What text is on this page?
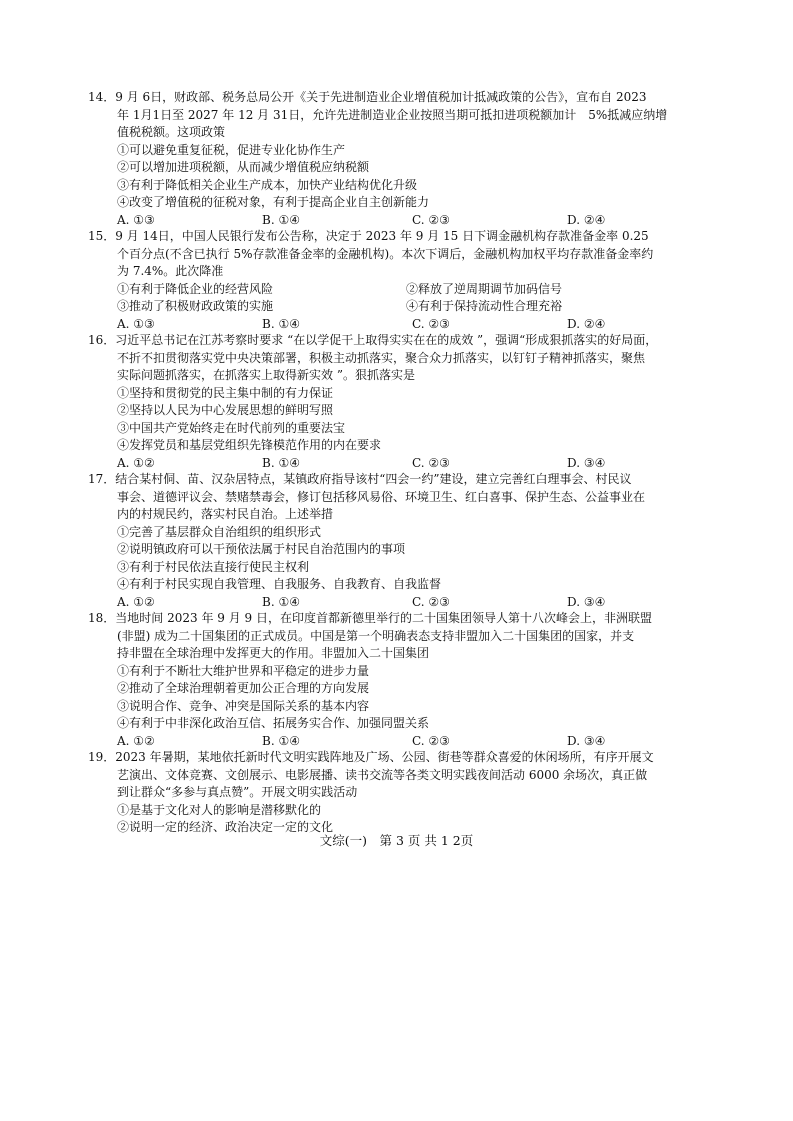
14．9 月 6日，财政部、税务总局公开《关于先进制造业企业增值税加计抵减政策的公告》，宣布自 2023
年 1月1日至 2027 年 12 月 31日，允许先进制造业企业按照当期可抵扣进项税额加计　5%抵减应纳增
值税税额。这项政策
①可以避免重复征税，促进专业化协作生产
②可以增加进项税额，从而减少增值税应纳税额
③有利于降低相关企业生产成本，加快产业结构优化升级
④改变了增值税的征税对象，有利于提高企业自主创新能力
A. ①③	B. ①④	C. ②③	D. ②④
15．9 月 14日，中国人民银行发布公告称，决定于 2023 年 9 月 15 日下调金融机构存款准备金率 0.25
个百分点(不含已执行 5%存款准备金率的金融机构)。本次下调后，金融机构加权平均存款准备金率约
为 7.4%。此次降准
①有利于降低企业的经营风险	②释放了逆周期调节加码信号
③推动了积极财政政策的实施	④有利于保持流动性合理充裕
A. ①③	B. ①④	C. ②③	D. ②④
16．习近平总书记在江苏考察时要求 “在以学促干上取得实实在在的成效 ”，强调“形成狠抓落实的好局面，
不折不扣贯彻落实党中央决策部署，积极主动抓落实，聚合众力抓落实，以钉钉子精神抓落实，聚焦
实际问题抓落实，在抓落实上取得新实效 ”。狠抓落实是
①坚持和贯彻党的民主集中制的有力保证
②坚持以人民为中心发展思想的鲜明写照
③中国共产党始终走在时代前列的重要法宝
④发挥党员和基层党组织先锋模范作用的内在要求
A. ①②	B. ①④	C. ②③	D. ③④
17．结合某村侗、苗、汉杂居特点，某镇政府指导该村“四会一约”建设，建立完善红白理事会、村民议
事会、道德评议会、禁赌禁毒会，修订包括移风易俗、环境卫生、红白喜事、保护生态、公益事业在
内的村规民约，落实村民自治。上述举措
①完善了基层群众自治组织的组织形式
②说明镇政府可以干预依法属于村民自治范围内的事项
③有利于村民依法直接行使民主权利
④有利于村民实现自我管理、自我服务、自我教育、自我监督
A. ①②	B. ①④	C. ②③	D. ③④
18．当地时间 2023 年 9 月 9 日，在印度首都新德里举行的二十国集团领导人第十八次峰会上，非洲联盟
(非盟) 成为二十国集团的正式成员。中国是第一个明确表态支持非盟加入二十国集团的国家，并支
持非盟在全球治理中发挥更大的作用。非盟加入二十国集团
①有利于不断壮大维护世界和平稳定的进步力量
②推动了全球治理朝着更加公正合理的方向发展
③说明合作、竞争、冲突是国际关系的基本内容
④有利于中非深化政治互信、拓展务实合作、加强同盟关系
A. ①②	B. ①④	C. ②③	D. ③④
19．2023 年暑期，某地依托新时代文明实践阵地及广场、公园、街巷等群众喜爱的休闲场所，有序开展文
艺演出、文体竞赛、文创展示、电影展播、读书交流等各类文明实践夜间活动 6000 余场次，真正做
到让群众“多参与真点赞”。开展文明实践活动
①是基于文化对人的影响是潜移默化的
②说明一定的经济、政治决定一定的文化
文综(一)　第 3 页 共 1 2页
